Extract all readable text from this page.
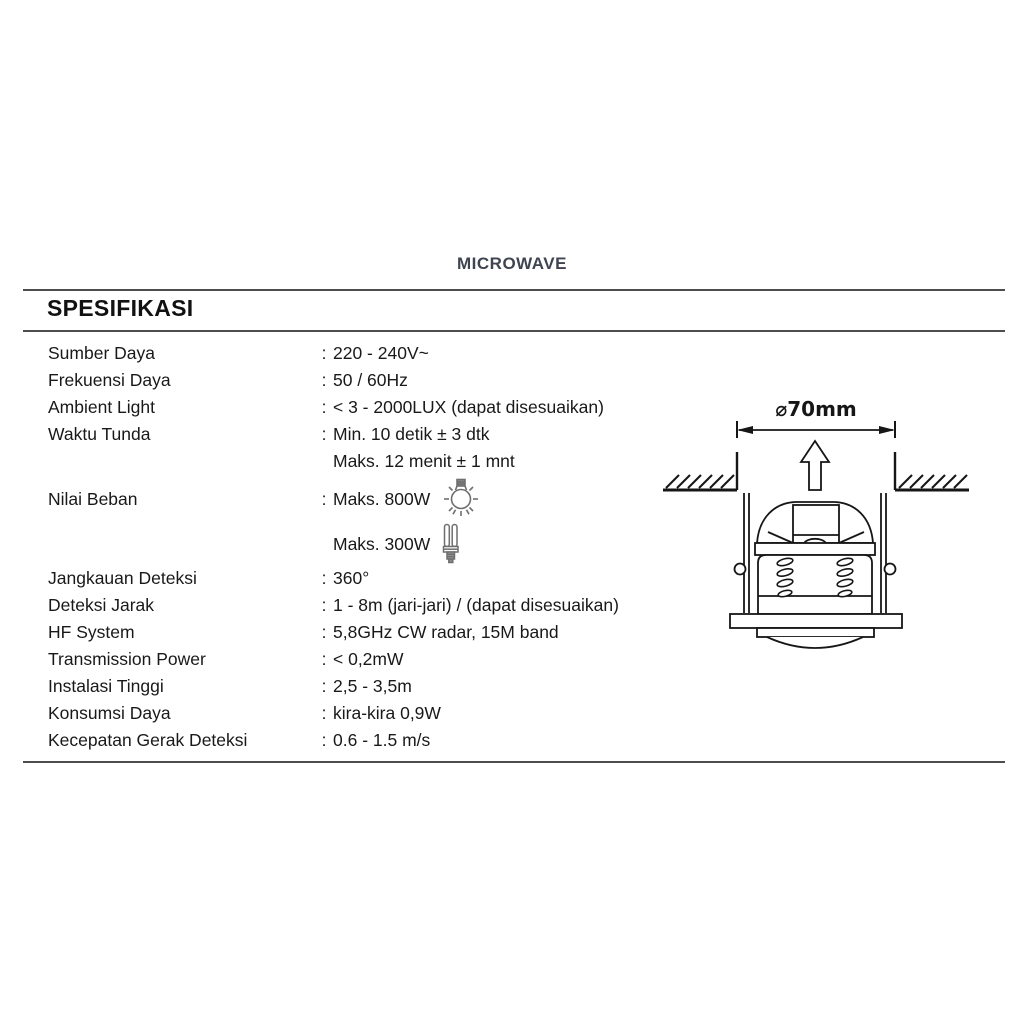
MICROWAVE
SPESIFIKASI
Sumber Daya	: 220 - 240V~
Frekuensi Daya	: 50 / 60Hz
Ambient Light	: < 3 - 2000LUX (dapat disesuaikan)
Waktu Tunda	: Min. 10 detik ± 3 dtk
Maks. 12 menit ± 1 mnt
Nilai Beban	: Maks. 800W
Maks. 300W
Jangkauan Deteksi	: 360°
Deteksi Jarak	: 1 - 8m (jari-jari) / (dapat disesuaikan)
HF System	: 5,8GHz CW radar, 15M band
Transmission Power	: < 0,2mW
Instalasi Tinggi	: 2,5 - 3,5m
Konsumsi Daya	: kira-kira 0,9W
Kecepatan Gerak Deteksi	: 0.6 - 1.5 m/s
⌀70mm
